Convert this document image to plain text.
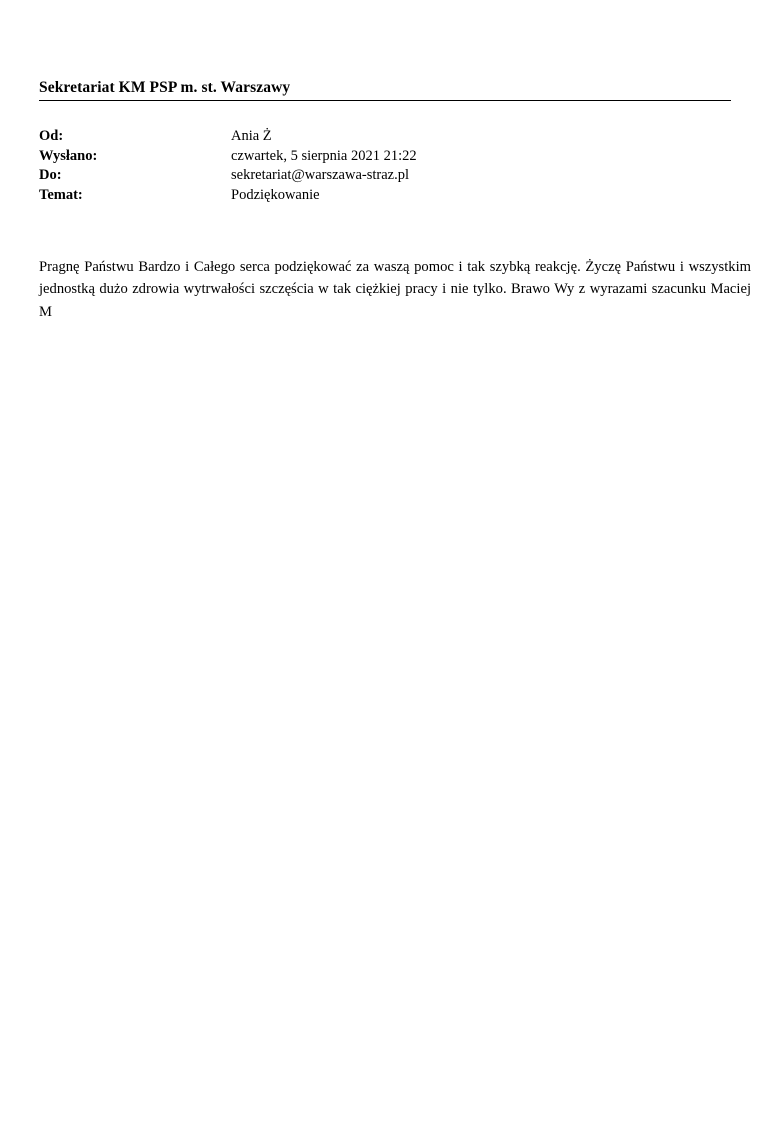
Sekretariat KM PSP m. st. Warszawy
Od:	Ania Ż
Wysłano:	czwartek, 5 sierpnia 2021 21:22
Do:	sekretariat@warszawa-straz.pl
Temat:	Podziękowanie

Pragnę Państwu Bardzo i Całego serca podziękować za waszą pomoc i tak szybką reakcję. Życzę Państwu i wszystkim jednostką dużo zdrowia wytrwałości szczęścia w tak ciężkiej pracy i nie tylko. Brawo Wy z wyrazami szacunku Maciej M
